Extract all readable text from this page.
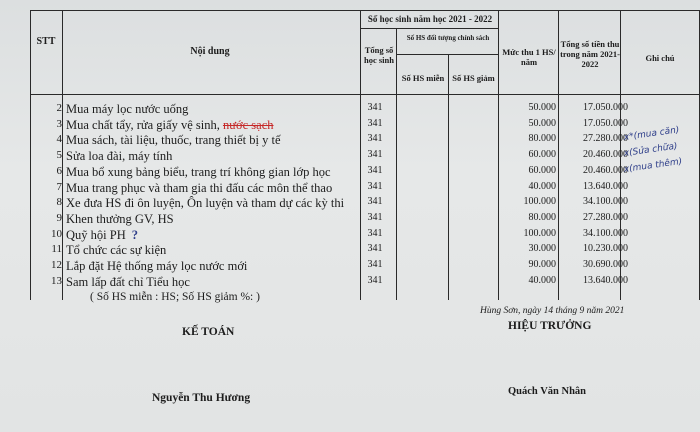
STT
Nội dung
Số học sinh năm học 2021 - 2022
Tổng số học sinh
Số HS đối tượng chính sách
Số HS miễn Số HS giảm
Mức thu 1 HS/ năm
Tổng số tiền thu trong năm 2021- 2022
Ghi chú
2 Mua máy lọc nước uống	341	50.000	17.050.000
3 Mua chất tẩy, rửa giấy vệ sinh, nước sạch	341	50.000	17.050.000
4 Mua sách, tài liệu, thuốc, trang thiết bị y tế	341	80.000	27.280.000
x*(mua căn)
5 Sửa loa đài, máy tính	341	60.000	20.460.000
x(Sửa chữa)
6 Mua bổ xung bảng biểu, trang trí không gian lớp học	341	60.000	20.460.000
x(mua thêm)
7 Mua trang phục và tham gia thi đấu các môn thể thao	341	40.000	13.640.000
8 Xe đưa HS đi ôn luyện, Ôn luyện và tham dự các kỳ thi	341	100.000	34.100.000
9 Khen thưởng GV, HS	341	80.000	27.280.000
10 Quỹ hội PH ?	341	100.000	34.100.000
11 Tổ chức các sự kiện	341	30.000	10.230.000
12 Lắp đặt Hệ thống máy lọc nước mới	341	90.000	30.690.000
13 Sam lấp đất chỉ Tiểu học	341	40.000	13.640.000
( Số HS miễn : HS; Số HS giảm %: )
Hùng Sơn, ngày 14 tháng 9 năm 2021
KẾ TOÁN	HIỆU TRƯỞNG
Nguyễn Thu Hương
Quách Văn Nhân
